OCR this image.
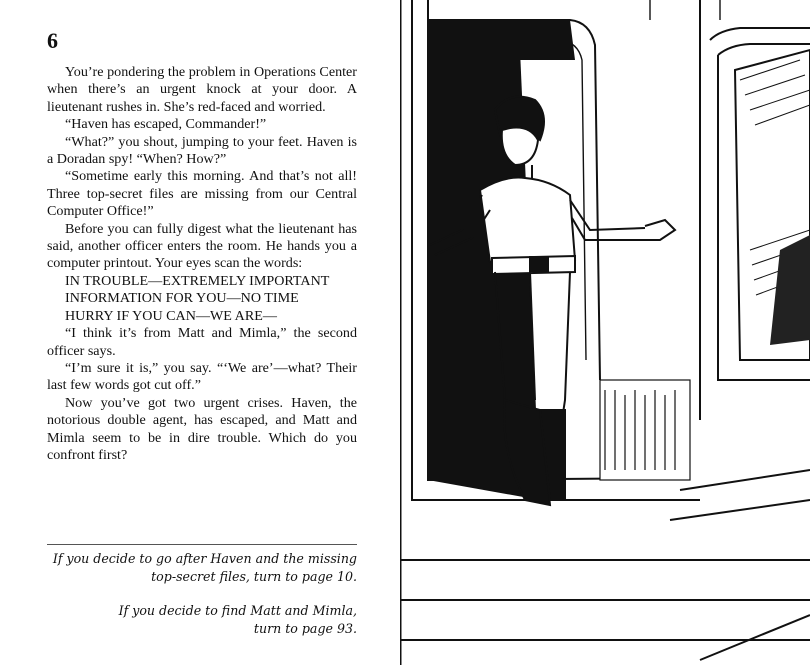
6

You’re pondering the problem in Operations Center when there’s an urgent knock at your door. A lieutenant rushes in. She’s red-faced and worried.

“Haven has escaped, Commander!”

“What?” you shout, jumping to your feet. Haven is a Doradan spy! “When? How?”

“Sometime early this morning. And that’s not all! Three top-secret files are missing from our Central Computer Office!”

Before you can fully digest what the lieutenant has said, another officer enters the room. He hands you a computer printout. Your eyes scan the words:

IN TROUBLE—EXTREMELY IMPORTANT

INFORMATION FOR YOU—NO TIME

HURRY IF YOU CAN—WE ARE—

“I think it’s from Matt and Mimla,” the second officer says.

“I’m sure it is,” you say. “‘We are’—what? Their last few words got cut off.”

Now you’ve got two urgent crises. Haven, the notorious double agent, has escaped, and Matt and Mimla seem to be in dire trouble. Which do you confront first?

If you decide to go after Haven and the missing
top-secret files, turn to page 10.
If you decide to find Matt and Mimla,
turn to page 93.
